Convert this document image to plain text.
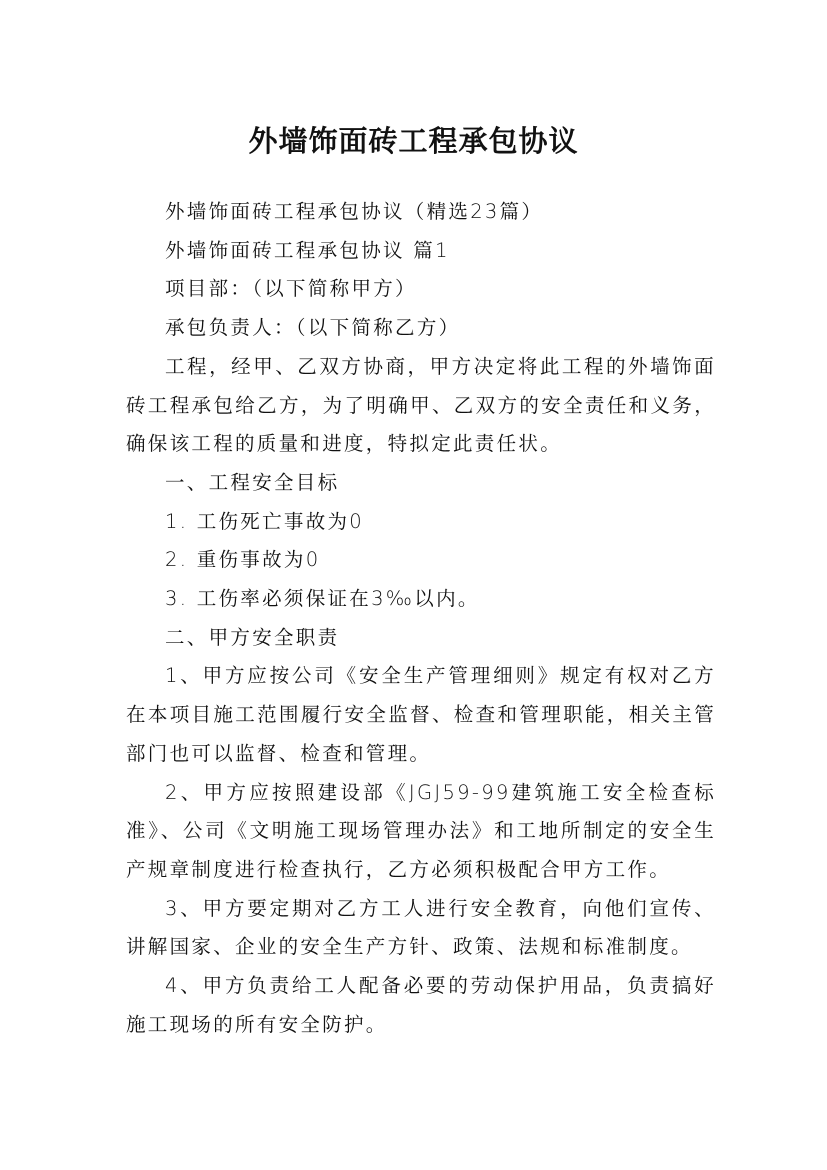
外墙饰面砖工程承包协议

外墙饰面砖工程承包协议（精选23篇）

外墙饰面砖工程承包协议 篇1

项目部：（以下简称甲方）

承包负责人：（以下简称乙方）

工程，经甲、乙双方协商，甲方决定将此工程的外墙饰面砖工程承包给乙方，为了明确甲、乙双方的安全责任和义务，确保该工程的质量和进度，特拟定此责任状。

一、工程安全目标

1. 工伤死亡事故为0

2. 重伤事故为0

3. 工伤率必须保证在3‰以内。

二、甲方安全职责

1、甲方应按公司《安全生产管理细则》规定有权对乙方在本项目施工范围履行安全监督、检查和管理职能，相关主管部门也可以监督、检查和管理。

2、甲方应按照建设部《JGJ59-99建筑施工安全检查标准》、公司《文明施工现场管理办法》和工地所制定的安全生产规章制度进行检查执行，乙方必须积极配合甲方工作。

3、甲方要定期对乙方工人进行安全教育，向他们宣传、讲解国家、企业的安全生产方针、政策、法规和标准制度。

4、甲方负责给工人配备必要的劳动保护用品，负责搞好施工现场的所有安全防护。
